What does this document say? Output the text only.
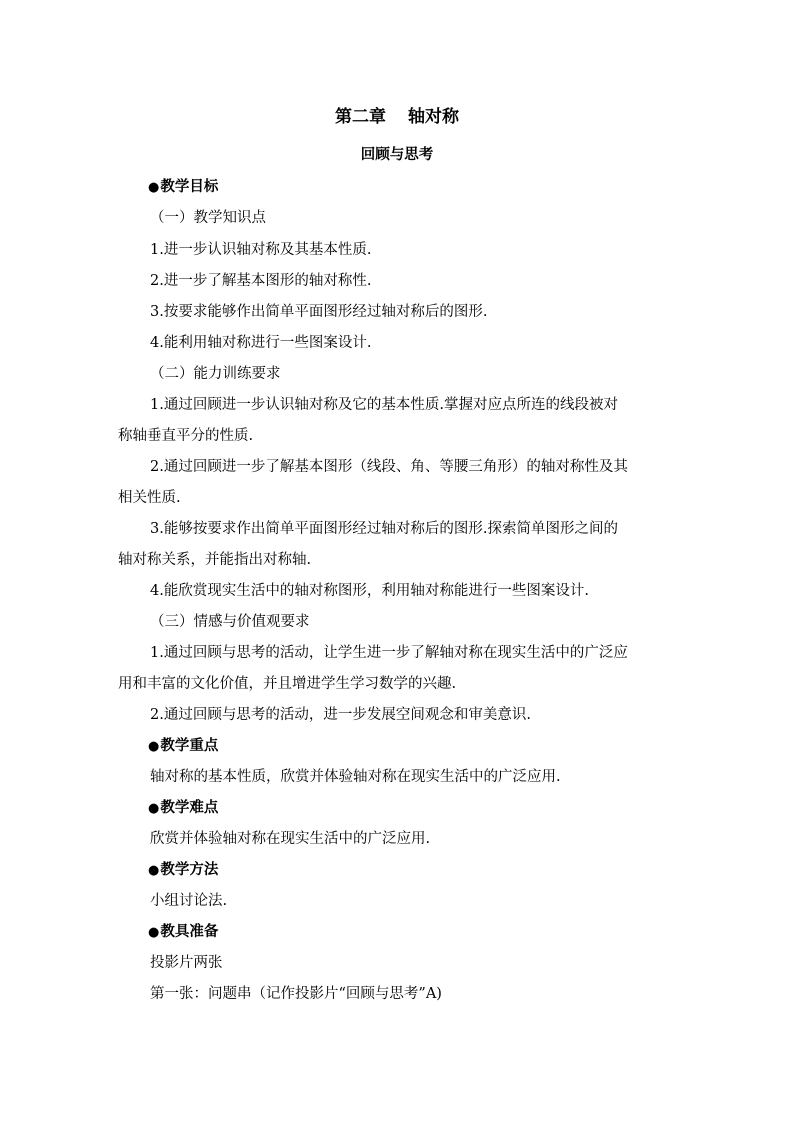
第二章 轴对称
回顾与思考
●教学目标
（一）教学知识点
1.进一步认识轴对称及其基本性质.
2.进一步了解基本图形的轴对称性.
3.按要求能够作出简单平面图形经过轴对称后的图形.
4.能利用轴对称进行一些图案设计.
（二）能力训练要求
1.通过回顾进一步认识轴对称及它的基本性质.掌握对应点所连的线段被对
称轴垂直平分的性质.
2.通过回顾进一步了解基本图形（线段、角、等腰三角形）的轴对称性及其
相关性质.
3.能够按要求作出简单平面图形经过轴对称后的图形.探索简单图形之间的
轴对称关系，并能指出对称轴.
4.能欣赏现实生活中的轴对称图形，利用轴对称能进行一些图案设计.
（三）情感与价值观要求
1.通过回顾与思考的活动，让学生进一步了解轴对称在现实生活中的广泛应
用和丰富的文化价值，并且增进学生学习数学的兴趣.
2.通过回顾与思考的活动，进一步发展空间观念和审美意识.
●教学重点
轴对称的基本性质，欣赏并体验轴对称在现实生活中的广泛应用.
●教学难点
欣赏并体验轴对称在现实生活中的广泛应用.
●教学方法
小组讨论法.
●教具准备
投影片两张
第一张：问题串（记作投影片“回顾与思考”A)
